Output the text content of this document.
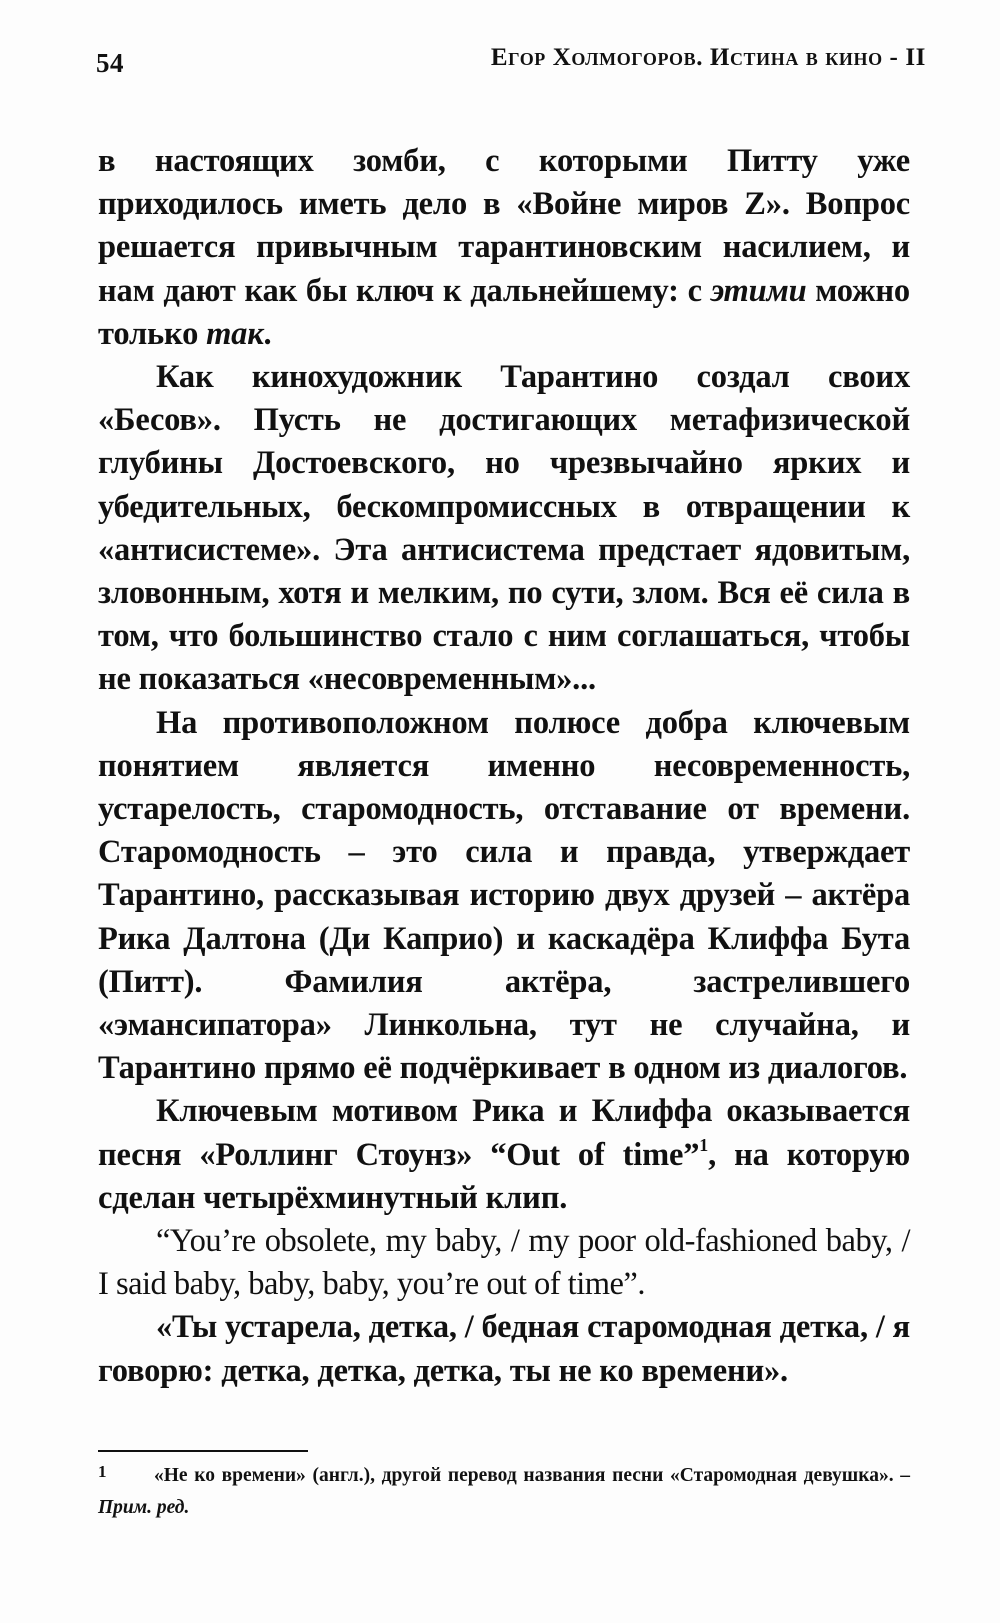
54	Егор Холмогоров. Истина в кино - II

в настоящих зомби, с которыми Питту уже приходилось иметь дело в «Войне миров Z». Вопрос решается привычным тарантиновским насилием, и нам дают как бы ключ к дальнейшему: с этими можно только так.

Как кинохудожник Тарантино создал своих «Бесов». Пусть не достигающих метафизической глубины Достоевского, но чрезвычайно ярких и убедительных, бескомпромиссных в отвращении к «антисистеме». Эта антисистема предстает ядовитым, зловонным, хотя и мелким, по сути, злом. Вся её сила в том, что большинство стало с ним соглашаться, чтобы не показаться «несовременным»...

На противоположном полюсе добра ключевым понятием является именно несовременность, устарелость, старомодность, отставание от времени. Старомодность – это сила и правда, утверждает Тарантино, рассказывая историю двух друзей – актёра Рика Далтона (Ди Каприо) и каскадёра Клиффа Бута (Питт). Фамилия актёра, застрелившего «эмансипатора» Линкольна, тут не случайна, и Тарантино прямо её подчёркивает в одном из диалогов.

Ключевым мотивом Рика и Клиффа оказывается песня «Роллинг Стоунз» “Out of time”$^1$, на которую сделан четырёхминутный клип.

“You’re obsolete, my baby, / my poor old-fashioned baby, / I said baby, baby, baby, you’re out of time”.

«Ты устарела, детка, / бедная старомодная детка, / я говорю: детка, детка, детка, ты не ко времени».

1 «Не ко времени» (англ.), другой перевод названия песни «Старомодная девушка». – Прим. ред.
